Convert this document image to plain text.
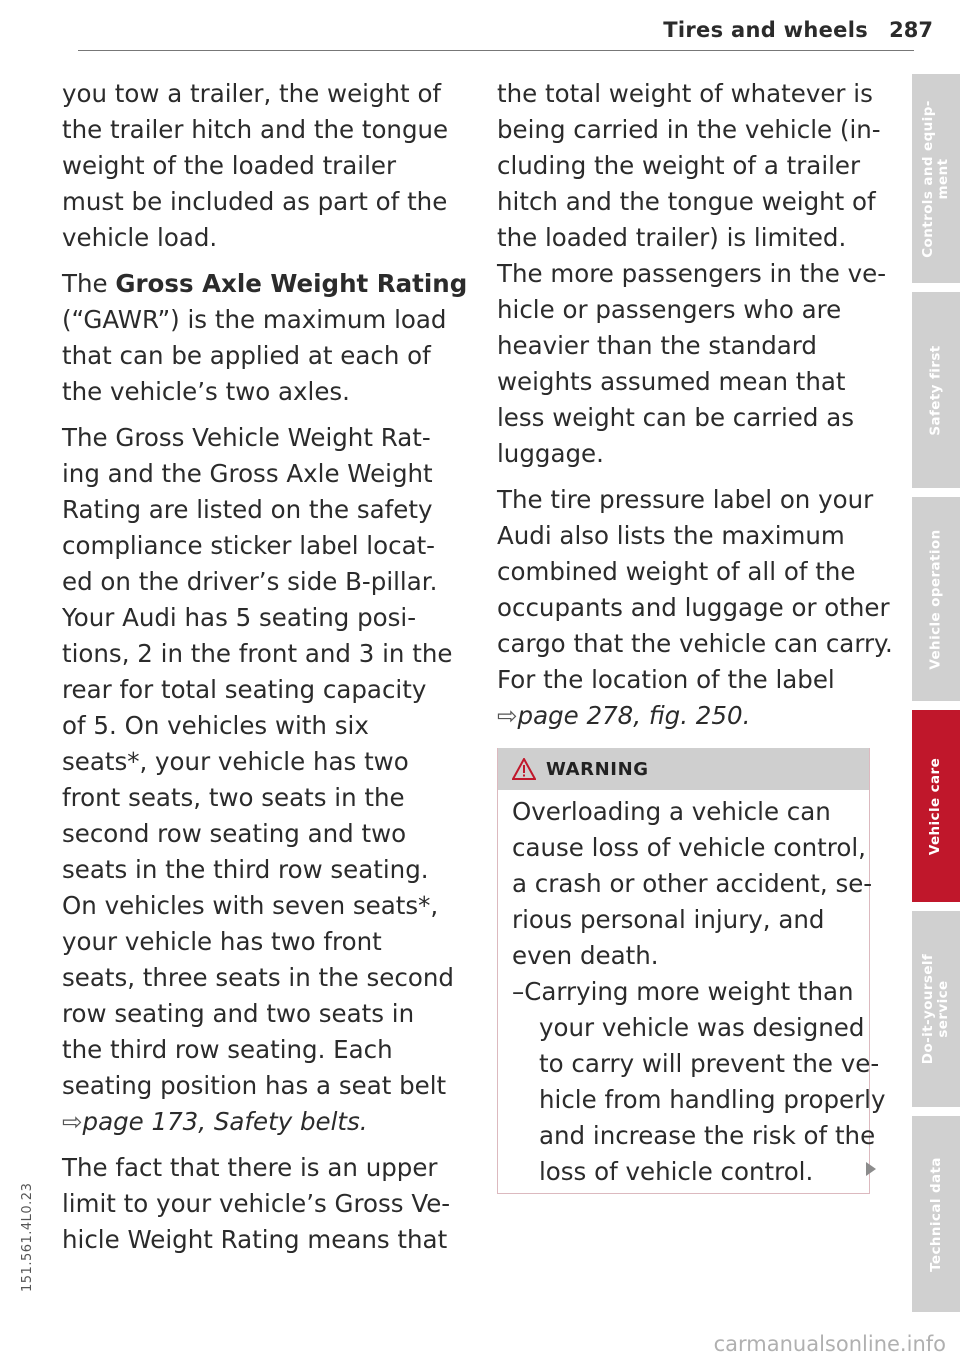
Tires and wheels 287
you tow a trailer, the weight of
the trailer hitch and the tongue
weight of the loaded trailer
must be included as part of the
vehicle load.
The Gross Axle Weight Rating
(“GAWR”) is the maximum load
that can be applied at each of
the vehicle’s two axles.
The Gross Vehicle Weight Rat-
ing and the Gross Axle Weight
Rating are listed on the safety
compliance sticker label locat-
ed on the driver’s side B-pillar.
Your Audi has 5 seating posi-
tions, 2 in the front and 3 in the
rear for total seating capacity
of 5. On vehicles with six
seats*, your vehicle has two
front seats, two seats in the
second row seating and two
seats in the third row seating.
On vehicles with seven seats*,
your vehicle has two front
seats, three seats in the second
row seating and two seats in
the third row seating. Each
seating position has a seat belt
⇨page 173, Safety belts.
The fact that there is an upper
limit to your vehicle’s Gross Ve-
hicle Weight Rating means that
the total weight of whatever is
being carried in the vehicle (in-
cluding the weight of a trailer
hitch and the tongue weight of
the loaded trailer) is limited.
The more passengers in the ve-
hicle or passengers who are
heavier than the standard
weights assumed mean that
less weight can be carried as
luggage.
The tire pressure label on your
Audi also lists the maximum
combined weight of all of the
occupants and luggage or other
cargo that the vehicle can carry.
For the location of the label
⇨page 278, fig. 250.
WARNING
Overloading a vehicle can
cause loss of vehicle control,
a crash or other accident, se-
rious personal injury, and
even death.
–Carrying more weight than
your vehicle was designed
to carry will prevent the ve-
hicle from handling properly
and increase the risk of the
loss of vehicle control.
Controls and equip-
ment
Safety first
Vehicle operation
Vehicle care
Do-it-yourself
service
Technical data
151.561.4L0.23
carmanualsonline.info
